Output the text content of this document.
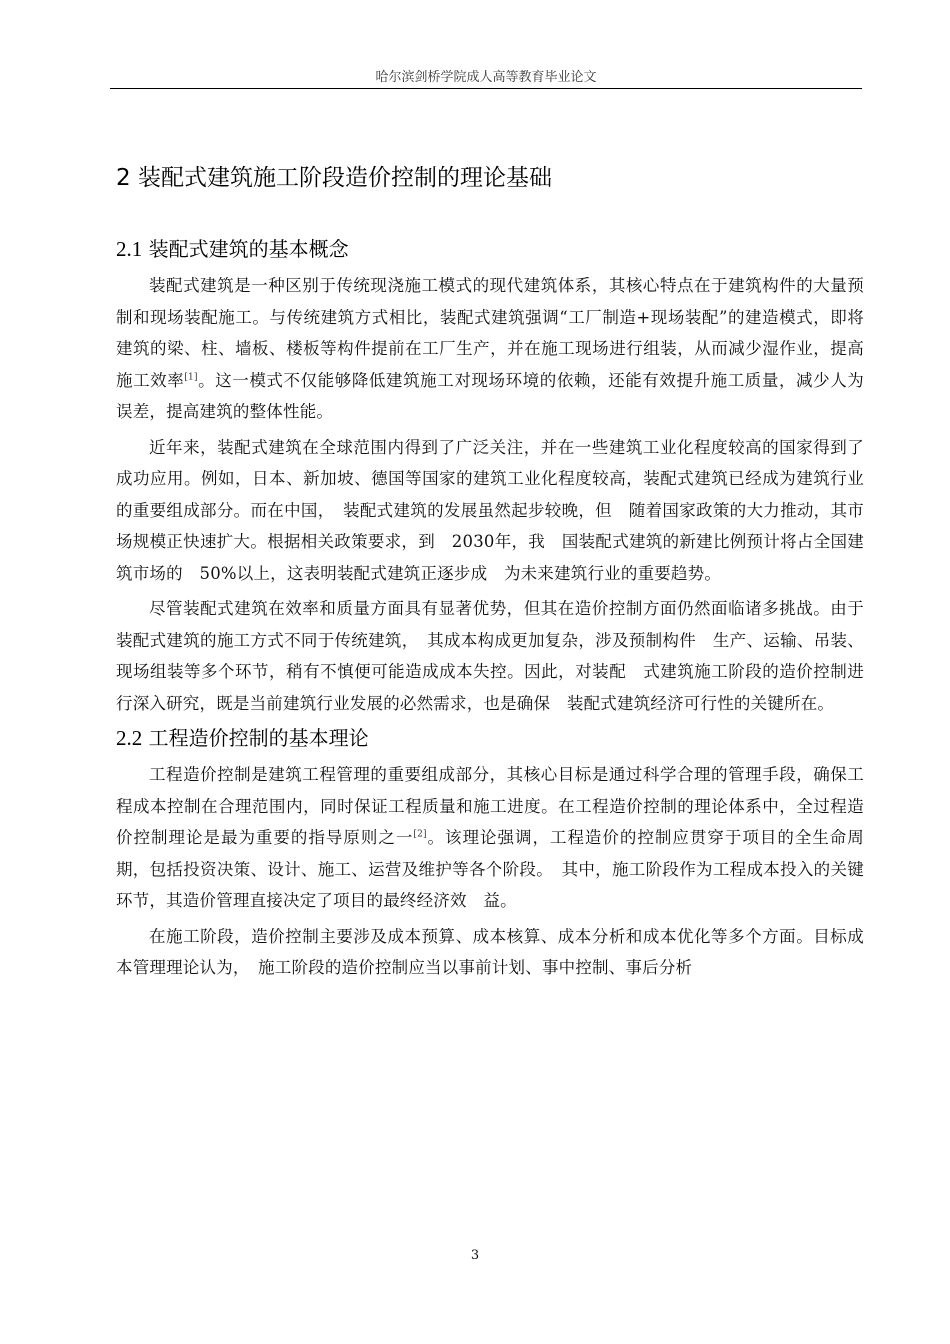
哈尔滨剑桥学院成人高等教育毕业论文
2 装配式建筑施工阶段造价控制的理论基础
2.1 装配式建筑的基本概念

装配式建筑是一种区别于传统现浇施工模式的现代建筑体系，其核心特点在于建筑构件的大量预制和现场装配施工。与传统建筑方式相比，装配式建筑强调“工厂制造+现场装配”的建造模式，即将建筑的梁、柱、墙板、楼板等构件提前在工厂生产，并在施工现场进行组装，从而减少湿作业，提高施工效率[1]。这一模式不仅能够降低建筑施工对现场环境的依赖，还能有效提升施工质量，减少人为误差，提高建筑的整体性能。

近年来，装配式建筑在全球范围内得到了广泛关注，并在一些建筑工业化程度较高的国家得到了成功应用。例如，日本、新加坡、德国等国家的建筑工业化程度较高，装配式建筑已经成为建筑行业的重要组成部分。而在中国，　装配式建筑的发展虽然起步较晚，但　随着国家政策的大力推动，其市场规模正快速扩大。根据相关政策要求，到　2030年，我　国装配式建筑的新建比例预计将占全国建筑市场的　50%以上，这表明装配式建筑正逐步成　为未来建筑行业的重要趋势。

尽管装配式建筑在效率和质量方面具有显著优势，但其在造价控制方面仍然面临诸多挑战。由于装配式建筑的施工方式不同于传统建筑，　其成本构成更加复杂，涉及预制构件　生产、运输、吊装、现场组装等多个环节，稍有不慎便可能造成成本失控。因此，对装配　式建筑施工阶段的造价控制进行深入研究，既是当前建筑行业发展的必然需求，也是确保　装配式建筑经济可行性的关键所在。

2.2 工程造价控制的基本理论

工程造价控制是建筑工程管理的重要组成部分，其核心目标是通过科学合理的管理手段，确保工程成本控制在合理范围内，同时保证工程质量和施工进度。在工程造价控制的理论体系中，全过程造价控制理论是最为重要的指导原则之一[2]。该理论强调，工程造价的控制应贯穿于项目的全生命周期，包括投资决策、设计、施工、运营及维护等各个阶段。　其中，施工阶段作为工程成本投入的关键环节，其造价管理直接决定了项目的最终经济效　益。

在施工阶段，造价控制主要涉及成本预算、成本核算、成本分析和成本优化等多个方面。目标成本管理理论认为，　施工阶段的造价控制应当以事前计划、事中控制、事后分析

3
